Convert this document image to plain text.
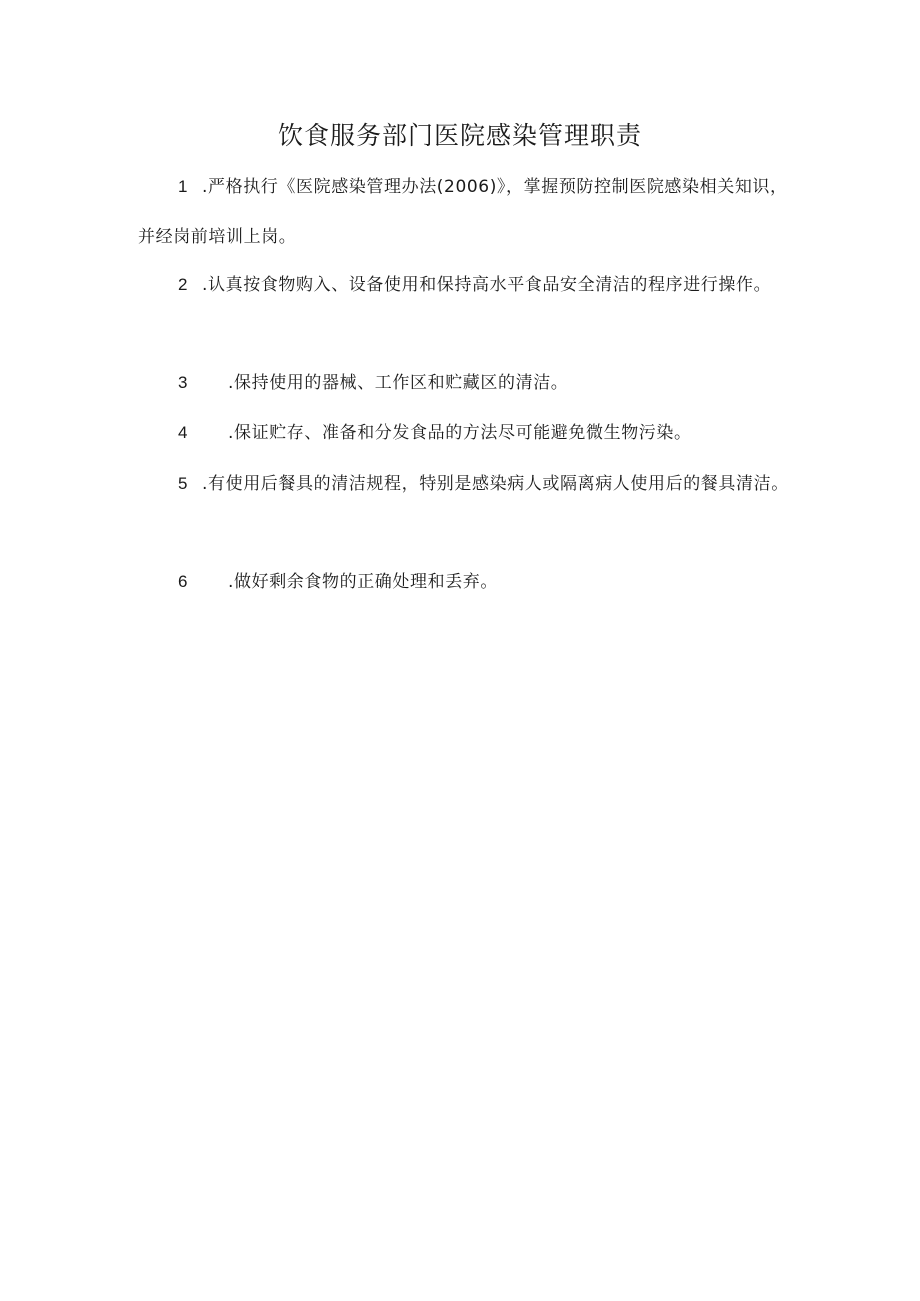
饮食服务部门医院感染管理职责

1 .严格执行《医院感染管理办法(2006)》，掌握预防控制医院感染相关知识，并经岗前培训上岗。

2 .认真按食物购入、设备使用和保持高水平食品安全清洁的程序进行操作。

3 .保持使用的器械、工作区和贮藏区的清洁。

4 .保证贮存、准备和分发食品的方法尽可能避免微生物污染。

5 .有使用后餐具的清洁规程，特别是感染病人或隔离病人使用后的餐具清洁。

6 .做好剩余食物的正确处理和丢弃。
